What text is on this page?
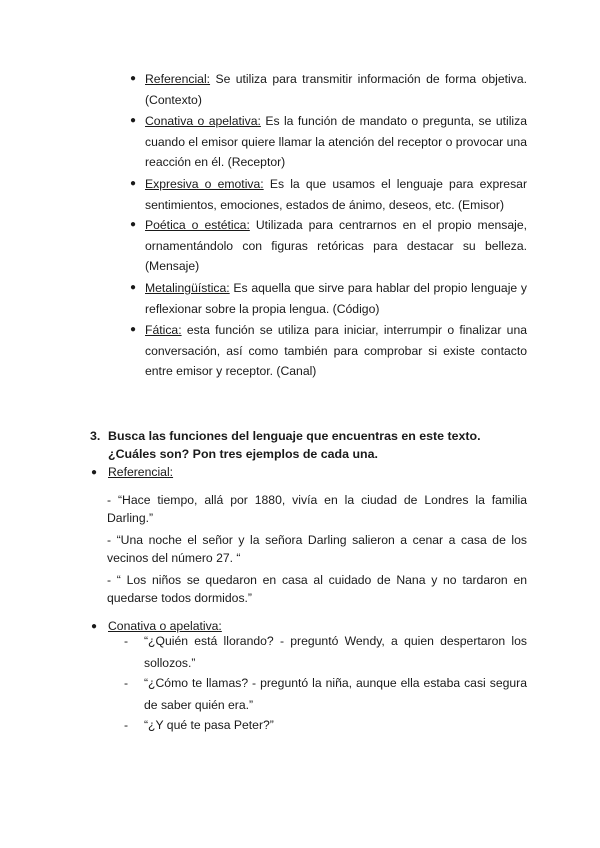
● Referencial: Se utiliza para transmitir información de forma objetiva. (Contexto)
● Conativa o apelativa: Es la función de mandato o pregunta, se utiliza cuando el emisor quiere llamar la atención del receptor o provocar una reacción en él. (Receptor)
● Expresiva o emotiva: Es la que usamos el lenguaje para expresar sentimientos, emociones, estados de ánimo, deseos, etc. (Emisor)
● Poética o estética: Utilizada para centrarnos en el propio mensaje, ornamentándolo con figuras retóricas para destacar su belleza. (Mensaje)
● Metalingüística: Es aquella que sirve para hablar del propio lenguaje y reflexionar sobre la propia lengua. (Código)
● Fática: esta función se utiliza para iniciar, interrumpir o finalizar una conversación, así como también para comprobar si existe contacto entre emisor y receptor. (Canal)
3. Busca las funciones del lenguaje que encuentras en este texto. ¿Cuáles son? Pon tres ejemplos de cada una.
● Referencial:
- “Hace tiempo, allá por 1880, vivía en la ciudad de Londres la familia Darling.”
- “Una noche el señor y la señora Darling salieron a cenar a casa de los vecinos del número 27. “
- “ Los niños se quedaron en casa al cuidado de Nana y no tardaron en quedarse todos dormidos.”
● Conativa o apelativa:
- “¿Quién está llorando? - preguntó Wendy, a quien despertaron los sollozos.”
- “¿Cómo te llamas? - preguntó la niña, aunque ella estaba casi segura de saber quién era.”
- “¿Y qué te pasa Peter?”
